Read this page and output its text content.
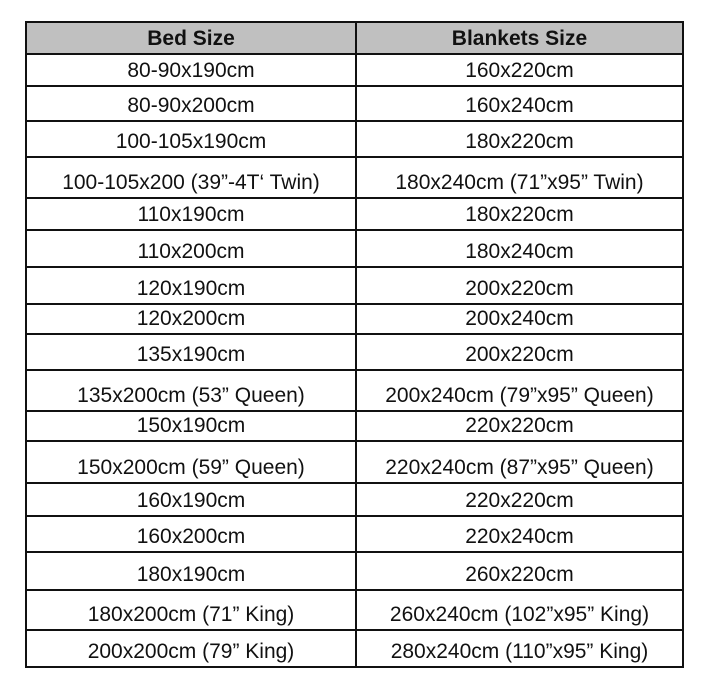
Bed Size	Blankets Size
80-90x190cm	160x220cm
80-90x200cm	160x240cm
100-105x190cm	180x220cm
100-105x200 (39”-4T‘ Twin)	180x240cm (71”x95” Twin)
110x190cm	180x220cm
110x200cm	180x240cm
120x190cm	200x220cm
120x200cm	200x240cm
135x190cm	200x220cm
135x200cm (53” Queen)	200x240cm (79”x95” Queen)
150x190cm	220x220cm
150x200cm (59” Queen)	220x240cm (87”x95” Queen)
160x190cm	220x220cm
160x200cm	220x240cm
180x190cm	260x220cm
180x200cm (71” King)	260x240cm (102”x95” King)
200x200cm (79” King)	280x240cm (110”x95” King)
